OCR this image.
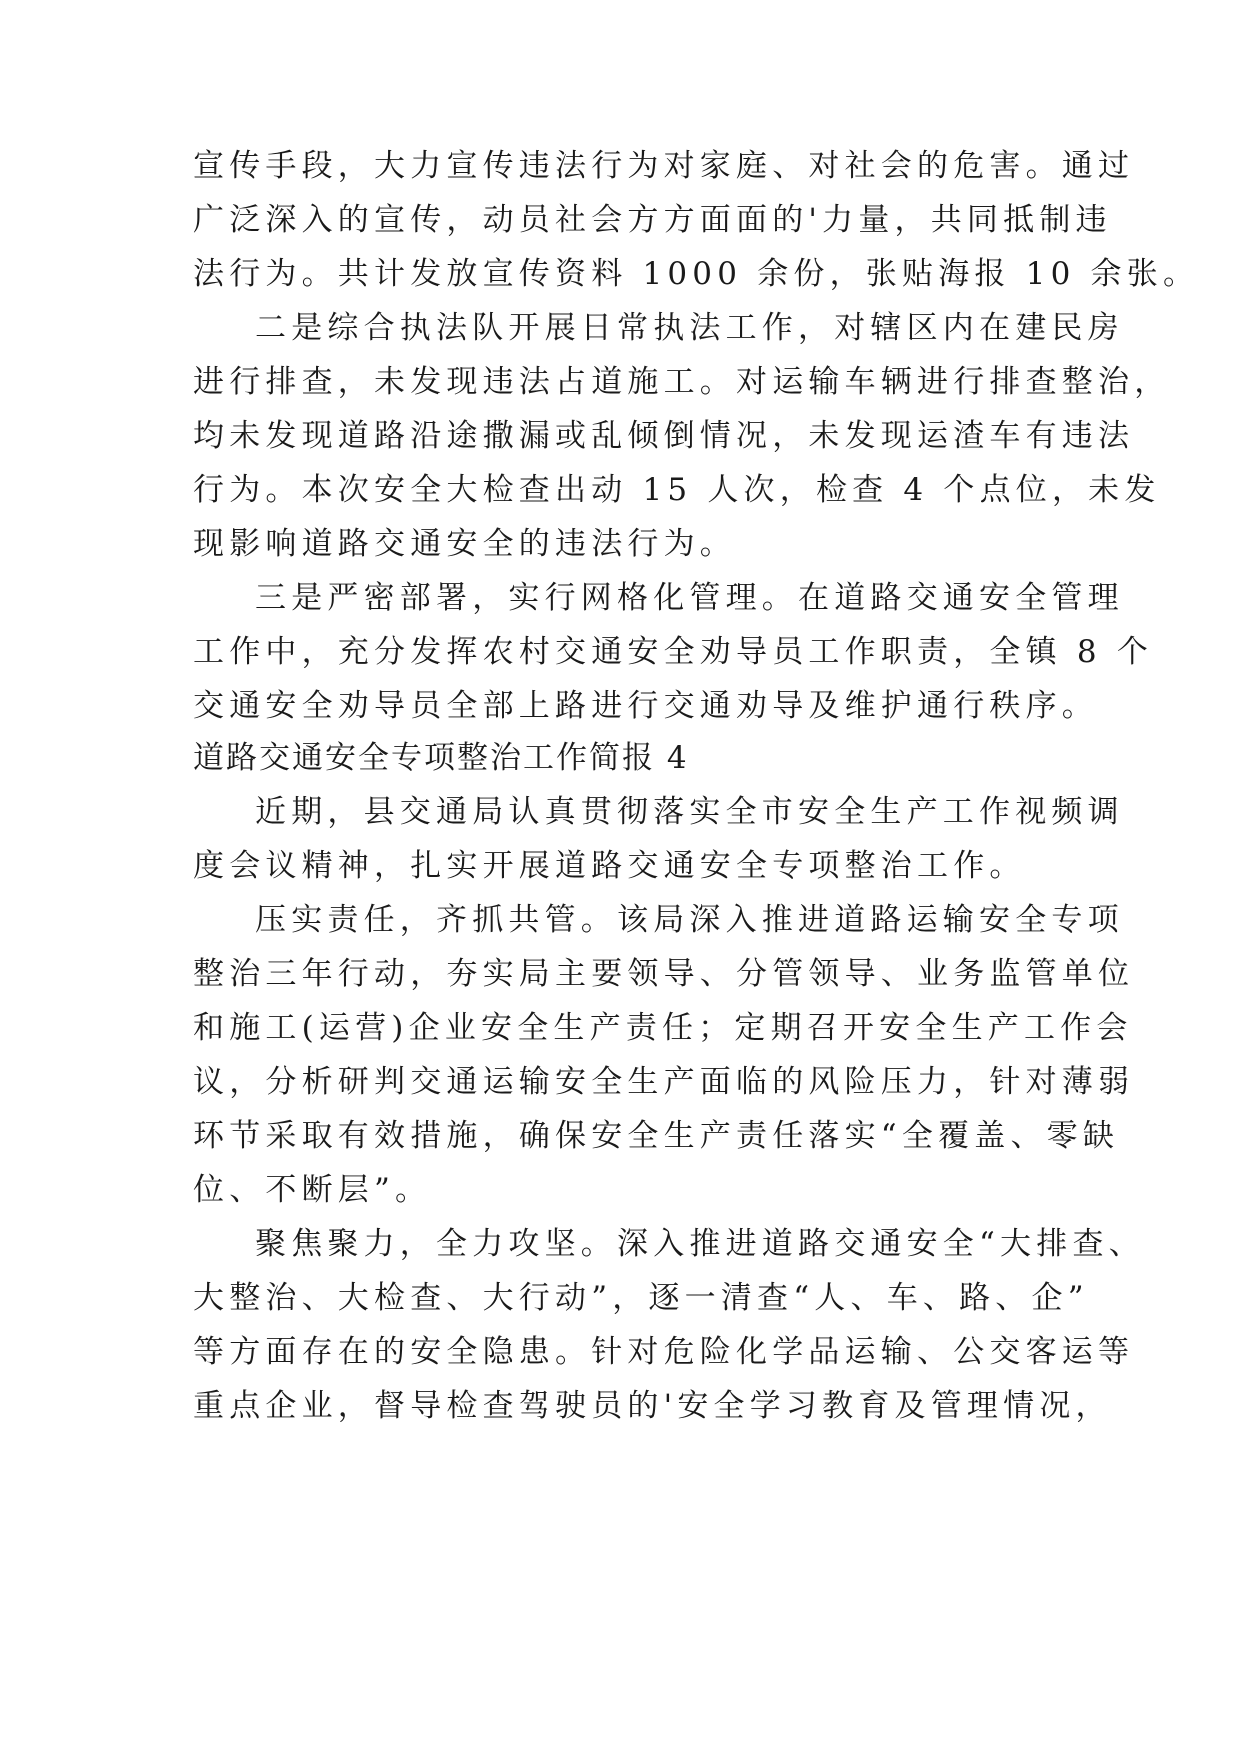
宣传手段，大力宣传违法行为对家庭、对社会的危害。通过
广泛深入的宣传，动员社会方方面面的'力量，共同抵制违
法行为。共计发放宣传资料 1000 余份，张贴海报 10 余张。
二是综合执法队开展日常执法工作，对辖区内在建民房
进行排查，未发现违法占道施工。对运输车辆进行排查整治，
均未发现道路沿途撒漏或乱倾倒情况，未发现运渣车有违法
行为。本次安全大检查出动 15 人次，检查 4 个点位，未发
现影响道路交通安全的违法行为。
三是严密部署，实行网格化管理。在道路交通安全管理
工作中，充分发挥农村交通安全劝导员工作职责，全镇 8 个
交通安全劝导员全部上路进行交通劝导及维护通行秩序。
道路交通安全专项整治工作简报 4
近期，县交通局认真贯彻落实全市安全生产工作视频调
度会议精神，扎实开展道路交通安全专项整治工作。
压实责任，齐抓共管。该局深入推进道路运输安全专项
整治三年行动，夯实局主要领导、分管领导、业务监管单位
和施工(运营)企业安全生产责任；定期召开安全生产工作会
议，分析研判交通运输安全生产面临的风险压力，针对薄弱
环节采取有效措施，确保安全生产责任落实“全覆盖、零缺
位、不断层”。
聚焦聚力，全力攻坚。深入推进道路交通安全“大排查、
大整治、大检查、大行动”，逐一清查“人、车、路、企”
等方面存在的安全隐患。针对危险化学品运输、公交客运等
重点企业，督导检查驾驶员的'安全学习教育及管理情况，
